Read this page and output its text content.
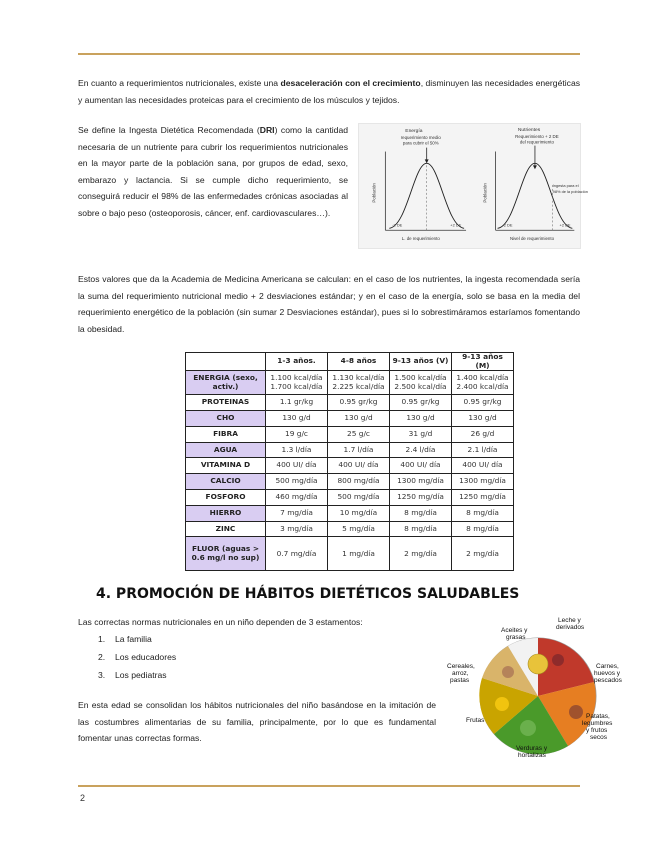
En cuanto a requerimientos nutricionales, existe una desaceleración con el crecimiento, disminuyen las necesidades energéticas y aumentan las necesidades proteicas para el crecimiento de los músculos y tejidos.

Se define la Ingesta Dietética Recomendada (DRI) como la cantidad necesaria de un nutriente para cubrir los requerimientos nutricionales en la mayor parte de la población sana, por grupos de edad, sexo, embarazo y lactancia. Si se cumple dicho requerimiento, se conseguirá reducir el 98% de las enfermedades crónicas asociadas al sobre o bajo peso (osteoporosis, cáncer, enf. cardiovasculares…).

Energía
requerimiento medio
para cubrir el 50%
Población
-2 DE	+2 DE
L. de requerimiento
Nutrientes
Requerimiento + 2 DE
del requerimiento
Ingesta para el
98% de la población
Población
-2 DE	+2 DE
Nivel de requerimiento

Estos valores que da la Academia de Medicina Americana se calculan: en el caso de los nutrientes, la ingesta recomendada sería la suma del requerimiento nutricional medio + 2 desviaciones estándar; y en el caso de la energía, solo se basa en la media del requerimiento energético de la población (sin sumar 2 Desviaciones estándar), pues si lo sobrestimáramos estaríamos fomentando la obesidad.

	1-3 años.	4-8 años	9-13 años (V)	9-13 años (M)
ENERGIA (sexo, activ.)	1.100 kcal/día 1.700 kcal/día	1.130 kcal/día 2.225 kcal/día	1.500 kcal/día 2.500 kcal/día	1.400 kcal/día 2.400 kcal/día
PROTEINAS	1.1 gr/kg	0.95 gr/kg	0.95 gr/kg	0.95 gr/kg
CHO	130 g/d	130 g/d	130 g/d	130 g/d
FIBRA	19 g/c	25 g/c	31 g/d	26 g/d
AGUA	1.3 l/día	1.7 l/día	2.4 l/día	2.1 l/día
VITAMINA D	400 UI/ día	400 UI/ día	400 UI/ día	400 UI/ día
CALCIO	500 mg/día	800 mg/día	1300 mg/día	1300 mg/día
FOSFORO	460 mg/día	500 mg/día	1250 mg/día	1250 mg/día
HIERRO	7 mg/día	10 mg/día	8 mg/día	8 mg/día
ZINC	3 mg/día	5 mg/día	8 mg/día	8 mg/día
FLUOR (aguas > 0.6 mg/l no sup)	0.7 mg/día	1 mg/día	2 mg/día	2 mg/día
4. PROMOCIÓN DE HÁBITOS DIETÉTICOS SALUDABLES

Las correctas normas nutricionales en un niño dependen de 3 estamentos:

1.	La familia
2.	Los educadores
3.	Los pediatras

En esta edad se consolidan los hábitos nutricionales del niño basándose en la imitación de las costumbres alimentarias de su familia, principalmente, por lo que es fundamental fomentar unas correctas formas.

Aceites y
grasas
Leche y
derivados
Cereales,
arroz,
pastas
Carnes,
huevos y
pescados
Frutas
Patatas,
legumbres
y frutos
secos
Verduras y
hortalizas
2
